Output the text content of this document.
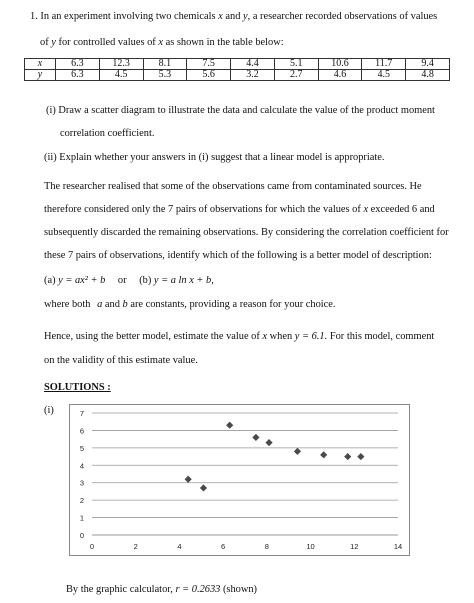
1. In an experiment involving two chemicals x and y, a researcher recorded observations of values
of y for controlled values of x as shown in the table below:
x	6.3	12.3	8.1	7.5	4.4	5.1	10.6	11.7	9.4
y	6.3	4.5	5.3	5.6	3.2	2.7	4.6	4.5	4.8
(i) Draw a scatter diagram to illustrate the data and calculate the value of the product moment
correlation coefficient.
(ii) Explain whether your answers in (i) suggest that a linear model is appropriate.
The researcher realised that some of the observations came from contaminated sources. He
therefore considered only the 7 pairs of observations for which the values of x exceeded 6 and
subsequently discarded the remaining observations. By considering the correlation coefficient for
these 7 pairs of observations, identify which of the following is a better model of description:
(a) y = ax² + b or (b) y = a ln x + b,
where both a and b are constants, providing a reason for your choice.
Hence, using the better model, estimate the value of x when y = 6.1. For this model, comment
on the validity of this estimate value.
SOLUTIONS :
(i)
0
1
2
3
4
5
6
7
0	2	4	6	8	10	12	14
By the graphic calculator, r = 0.2633 (shown)
